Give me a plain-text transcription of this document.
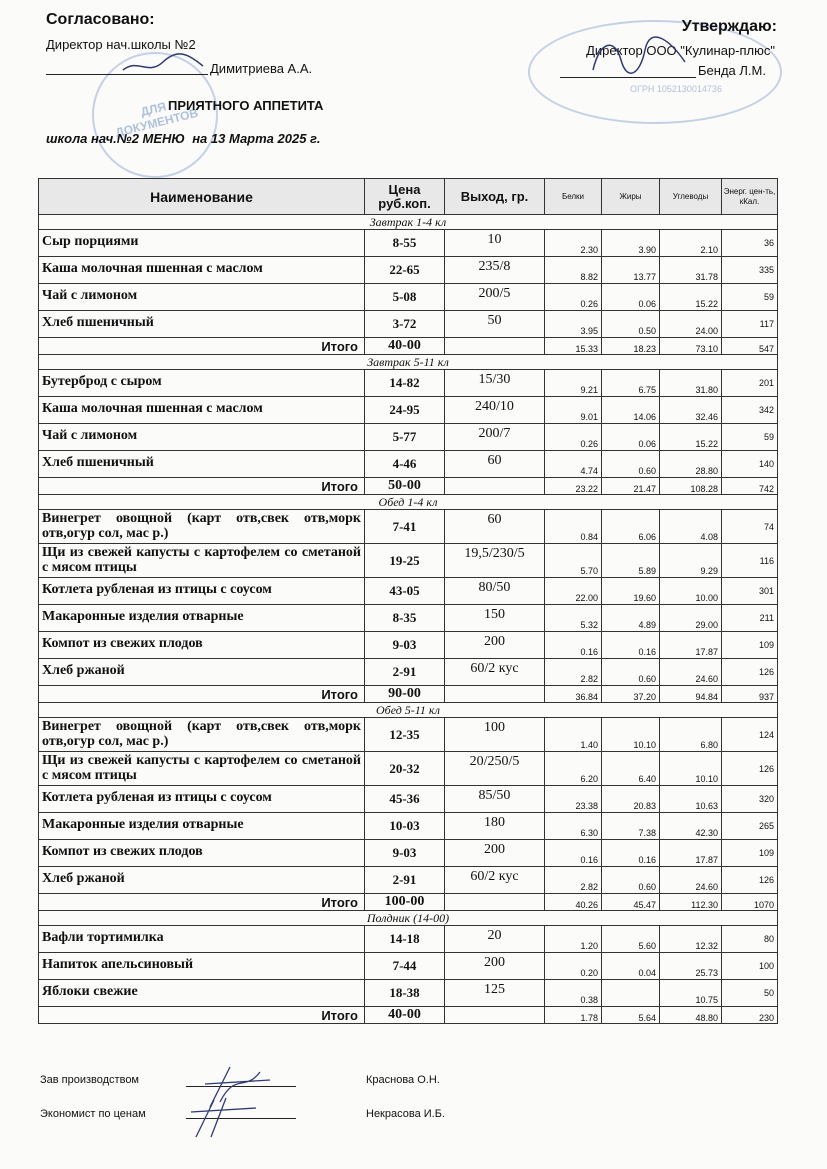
ДЛЯ ДОКУМЕНТОВ
ОГРН 1052130014736
Согласовано:
Директор нач.школы №2
Димитриева А.А.
Утверждаю:
Директор ООО "Кулинар-плюс"
Бенда Л.М.
ПРИЯТНОГО АППЕТИТА
школа нач.№2 МЕНЮ  на 13 Марта 2025 г.
Наименование	Цена руб.коп.	Выход, гр.	Белки	Жиры	Углеводы	Энерг. цен-ть, кКал.
Завтрак 1-4 кл						
Сыр порциями	8-55	10	2.30	3.90	2.10	36
Каша молочная пшенная с маслом	22-65	235/8	8.82	13.77	31.78	335
Чай с лимоном	5-08	200/5	0.26	0.06	15.22	59
Хлеб пшеничный	3-72	50	3.95	0.50	24.00	117
Итого	40-00		15.33	18.23	73.10	547
Завтрак 5-11 кл						
Бутерброд с сыром	14-82	15/30	9.21	6.75	31.80	201
Каша молочная пшенная с маслом	24-95	240/10	9.01	14.06	32.46	342
Чай с лимоном	5-77	200/7	0.26	0.06	15.22	59
Хлеб пшеничный	4-46	60	4.74	0.60	28.80	140
Итого	50-00		23.22	21.47	108.28	742
Обед 1-4 кл						
Винегрет овощной (карт отв,свек отв,морк отв,огур сол, мас р.)	7-41	60	0.84	6.06	4.08	74
Щи из свежей капусты с картофелем со сметаной с мясом птицы	19-25	19,5/230/5	5.70	5.89	9.29	116
Котлета рубленая из птицы с соусом	43-05	80/50	22.00	19.60	10.00	301
Макаронные изделия отварные	8-35	150	5.32	4.89	29.00	211
Компот из свежих плодов	9-03	200	0.16	0.16	17.87	109
Хлеб ржаной	2-91	60/2 кус	2.82	0.60	24.60	126
Итого	90-00		36.84	37.20	94.84	937
Обед 5-11 кл						
Винегрет овощной (карт отв,свек отв,морк отв,огур сол, мас р.)	12-35	100	1.40	10.10	6.80	124
Щи из свежей капусты с картофелем со сметаной с мясом птицы	20-32	20/250/5	6.20	6.40	10.10	126
Котлета рубленая из птицы с соусом	45-36	85/50	23.38	20.83	10.63	320
Макаронные изделия отварные	10-03	180	6.30	7.38	42.30	265
Компот из свежих плодов	9-03	200	0.16	0.16	17.87	109
Хлеб ржаной	2-91	60/2 кус	2.82	0.60	24.60	126
Итого	100-00		40.26	45.47	112.30	1070
Полдник (14-00)						
Вафли тортимилка	14-18	20	1.20	5.60	12.32	80
Напиток апельсиновый	7-44	200	0.20	0.04	25.73	100
Яблоки свежие	18-38	125	0.38		10.75	50
Итого	40-00		1.78	5.64	48.80	230
Зав производством	Краснова О.Н.
Экономист по ценам	Некрасова И.Б.
